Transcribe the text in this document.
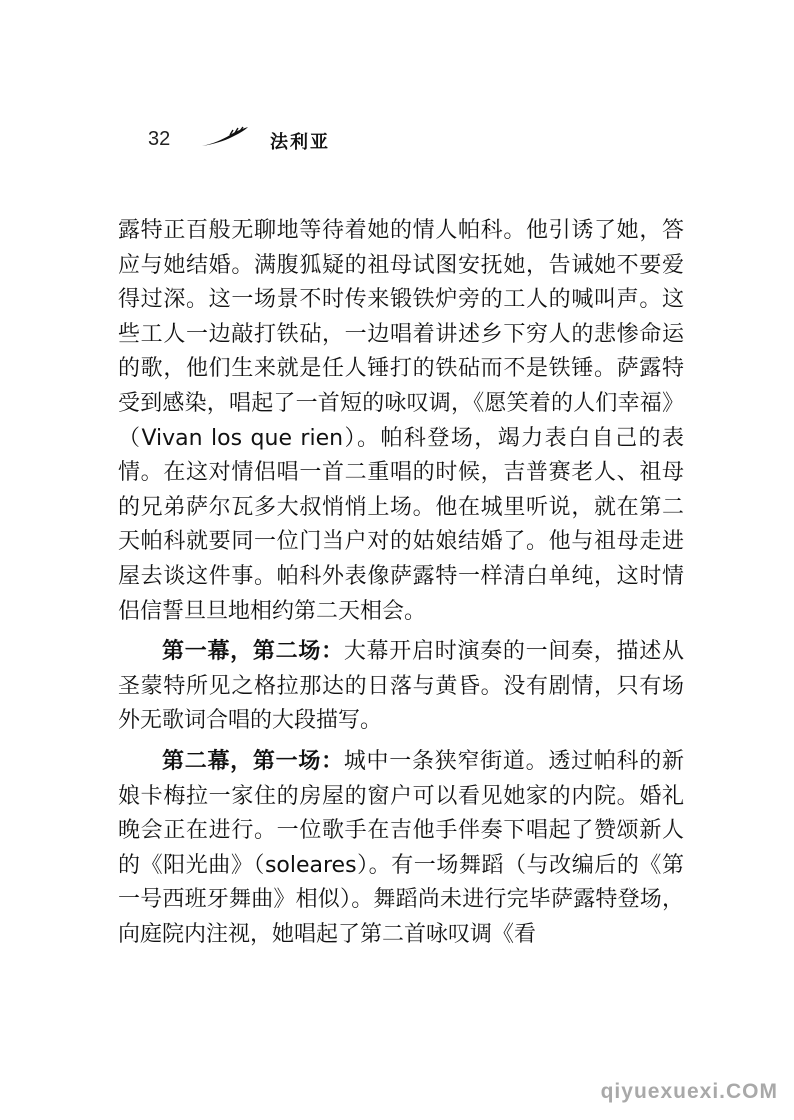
32	法利亚

露特正百般无聊地等待着她的情人帕科。他引诱了她，答应与她结婚。满腹狐疑的祖母试图安抚她，告诫她不要爱得过深。这一场景不时传来锻铁炉旁的工人的喊叫声。这些工人一边敲打铁砧，一边唱着讲述乡下穷人的悲惨命运的歌，他们生来就是任人锤打的铁砧而不是铁锤。萨露特受到感染，唱起了一首短的咏叹调，《愿笑着的人们幸福》（Vivan los que rien）。帕科登场，竭力表白自己的表情。在这对情侣唱一首二重唱的时候，吉普赛老人、祖母的兄弟萨尔瓦多大叔悄悄上场。他在城里听说，就在第二天帕科就要同一位门当户对的姑娘结婚了。他与祖母走进屋去谈这件事。帕科外表像萨露特一样清白单纯，这时情侣信誓旦旦地相约第二天相会。

第一幕，第二场：大幕开启时演奏的一间奏，描述从圣蒙特所见之格拉那达的日落与黄昏。没有剧情，只有场外无歌词合唱的大段描写。

第二幕，第一场：城中一条狭窄街道。透过帕科的新娘卡梅拉一家住的房屋的窗户可以看见她家的内院。婚礼晚会正在进行。一位歌手在吉他手伴奏下唱起了赞颂新人的《阳光曲》（soleares）。有一场舞蹈（与改编后的《第一号西班牙舞曲》相似）。舞蹈尚未进行完毕萨露特登场，向庭院内注视，她唱起了第二首咏叹调《看

qiyuexuexi.COM
